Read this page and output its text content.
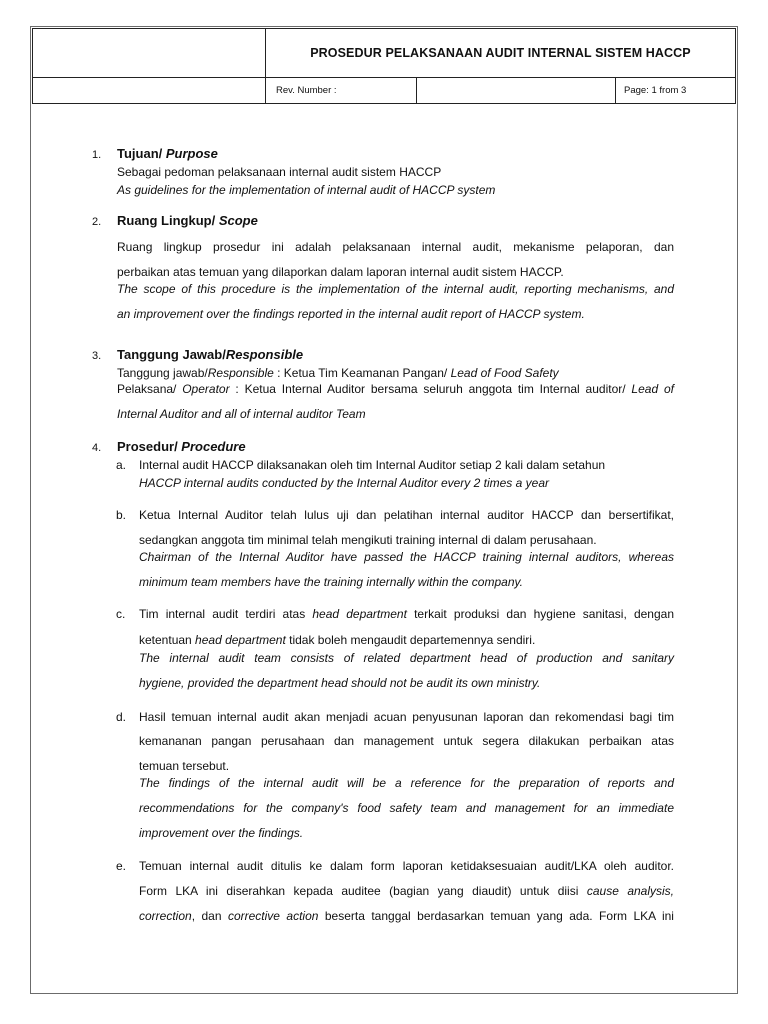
PROSEDUR PELAKSANAAN AUDIT INTERNAL SISTEM HACCP
Rev. Number :	Page: 1 from 3
1. Tujuan/ Purpose
Sebagai pedoman pelaksanaan internal audit sistem HACCP
As guidelines for the implementation of internal audit of HACCP system
2. Ruang Lingkup/ Scope
Ruang lingkup prosedur ini adalah pelaksanaan internal audit, mekanisme pelaporan, dan
perbaikan atas temuan yang dilaporkan dalam laporan internal audit sistem HACCP.
The scope of this procedure is the implementation of the internal audit, reporting mechanisms, and
an improvement over the findings reported in the internal audit report of HACCP system.
3. Tanggung Jawab/Responsible
Tanggung jawab/Responsible : Ketua Tim Keamanan Pangan/ Lead of Food Safety
Pelaksana/ Operator : Ketua Internal Auditor bersama seluruh anggota tim Internal auditor/ Lead of
Internal Auditor and all of internal auditor Team
4. Prosedur/ Procedure
a. Internal audit HACCP dilaksanakan oleh tim Internal Auditor setiap 2 kali dalam setahun
HACCP internal audits conducted by the Internal Auditor every 2 times a year
b. Ketua Internal Auditor telah lulus uji dan pelatihan internal auditor HACCP dan bersertifikat,
sedangkan anggota tim minimal telah mengikuti training internal di dalam perusahaan.
Chairman of the Internal Auditor have passed the HACCP training internal auditors, whereas
minimum team members have the training internally within the company.
c. Tim internal audit terdiri atas head department terkait produksi dan hygiene sanitasi, dengan
ketentuan head department tidak boleh mengaudit departemennya sendiri.
The internal audit team consists of related department head of production and sanitary
hygiene, provided the department head should not be audit its own ministry.
d. Hasil temuan internal audit akan menjadi acuan penyusunan laporan dan rekomendasi bagi tim
kemananan pangan perusahaan dan management untuk segera dilakukan perbaikan atas
temuan tersebut.
The findings of the internal audit will be a reference for the preparation of reports and
recommendations for the company's food safety team and management for an immediate
improvement over the findings.
e. Temuan internal audit ditulis ke dalam form laporan ketidaksesuaian audit/LKA oleh auditor.
Form LKA ini diserahkan kepada auditee (bagian yang diaudit) untuk diisi cause analysis,
correction, dan corrective action beserta tanggal berdasarkan temuan yang ada. Form LKA ini
